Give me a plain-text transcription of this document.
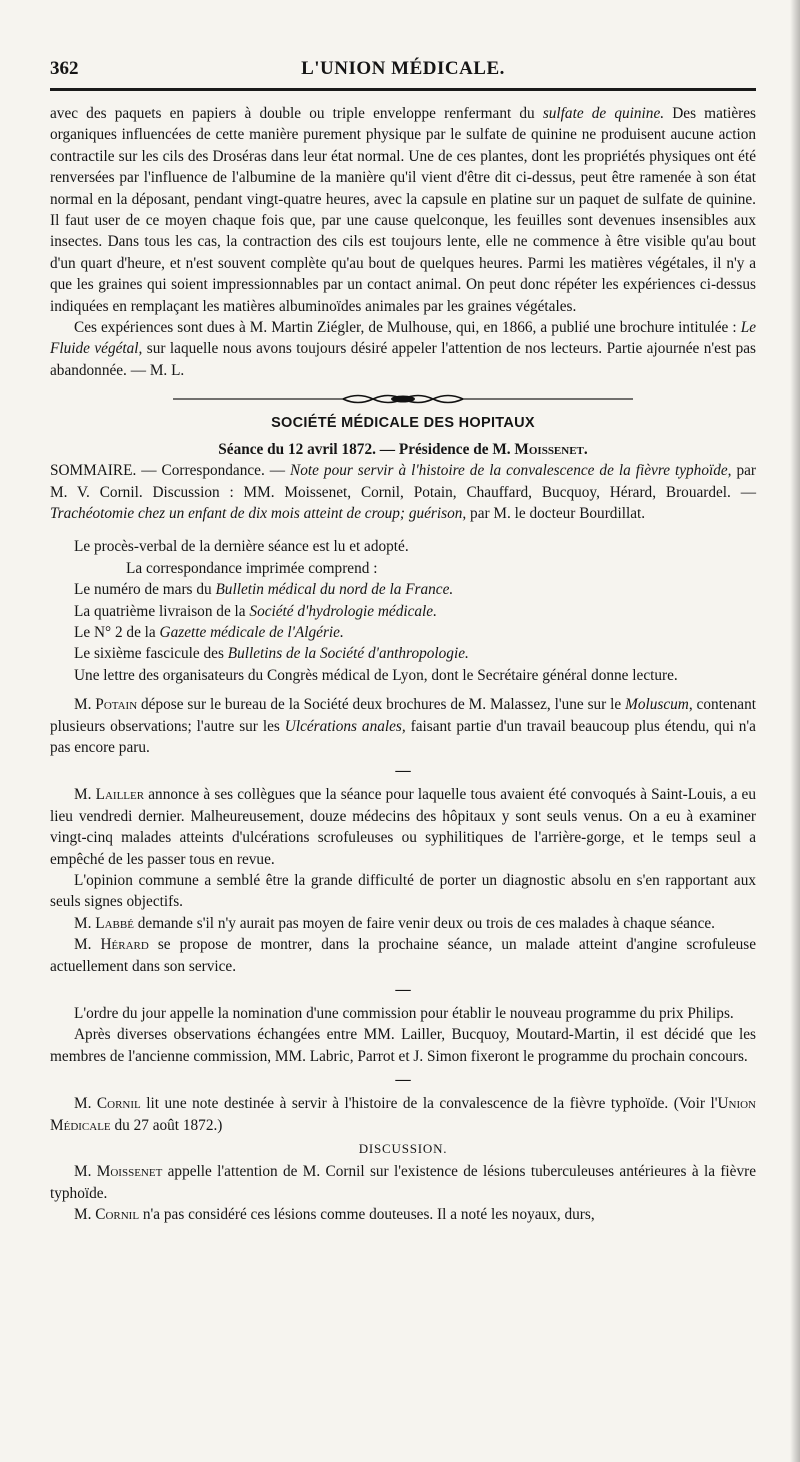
362	L'UNION MÉDICALE.

avec des paquets en papiers à double ou triple enveloppe renfermant du sulfate de quinine. Des matières organiques influencées de cette manière purement physique par le sulfate de quinine ne produisent aucune action contractile sur les cils des Droséras dans leur état normal. Une de ces plantes, dont les propriétés physiques ont été renversées par l'influence de l'albumine de la manière qu'il vient d'être dit ci-dessus, peut être ramenée à son état normal en la déposant, pendant vingt-quatre heures, avec la capsule en platine sur un paquet de sulfate de quinine. Il faut user de ce moyen chaque fois que, par une cause quelconque, les feuilles sont devenues insensibles aux insectes. Dans tous les cas, la contraction des cils est toujours lente, elle ne commence à être visible qu'au bout d'un quart d'heure, et n'est souvent complète qu'au bout de quelques heures. Parmi les matières végétales, il n'y a que les graines qui soient impressionnables par un contact animal. On peut donc répéter les expériences ci-dessus indiquées en remplaçant les matières albuminoïdes animales par les graines végétales.

Ces expériences sont dues à M. Martin Ziégler, de Mulhouse, qui, en 1866, a publié une brochure intitulée : Le Fluide végétal, sur laquelle nous avons toujours désiré appeler l'attention de nos lecteurs. Partie ajournée n'est pas abandonnée. — M. L.

SOCIÉTÉ MÉDICALE DES HOPITAUX
Séance du 12 avril 1872. — Présidence de M. Moissenet.

SOMMAIRE. — Correspondance. — Note pour servir à l'histoire de la convalescence de la fièvre typhoïde, par M. V. Cornil. Discussion : MM. Moissenet, Cornil, Potain, Chauffard, Bucquoy, Hérard, Brouardel. — Trachéotomie chez un enfant de dix mois atteint de croup; guérison, par M. le docteur Bourdillat.

Le procès-verbal de la dernière séance est lu et adopté.

La correspondance imprimée comprend :

Le numéro de mars du Bulletin médical du nord de la France.

La quatrième livraison de la Société d'hydrologie médicale.

Le N° 2 de la Gazette médicale de l'Algérie.

Le sixième fascicule des Bulletins de la Société d'anthropologie.

Une lettre des organisateurs du Congrès médical de Lyon, dont le Secrétaire général donne lecture.

M. Potain dépose sur le bureau de la Société deux brochures de M. Malassez, l'une sur le Moluscum, contenant plusieurs observations; l'autre sur les Ulcérations anales, faisant partie d'un travail beaucoup plus étendu, qui n'a pas encore paru.

—

M. Lailler annonce à ses collègues que la séance pour laquelle tous avaient été convoqués à Saint-Louis, a eu lieu vendredi dernier. Malheureusement, douze médecins des hôpitaux y sont seuls venus. On a eu à examiner vingt-cinq malades atteints d'ulcérations scrofuleuses ou syphilitiques de l'arrière-gorge, et le temps seul a empêché de les passer tous en revue.

L'opinion commune a semblé être la grande difficulté de porter un diagnostic absolu en s'en rapportant aux seuls signes objectifs.

M. Labbé demande s'il n'y aurait pas moyen de faire venir deux ou trois de ces malades à chaque séance.

M. Hérard se propose de montrer, dans la prochaine séance, un malade atteint d'angine scrofuleuse actuellement dans son service.

—

L'ordre du jour appelle la nomination d'une commission pour établir le nouveau programme du prix Philips.

Après diverses observations échangées entre MM. Lailler, Bucquoy, Moutard-Martin, il est décidé que les membres de l'ancienne commission, MM. Labric, Parrot et J. Simon fixeront le programme du prochain concours.

—

M. Cornil lit une note destinée à servir à l'histoire de la convalescence de la fièvre typhoïde. (Voir l'Union Médicale du 27 août 1872.)

DISCUSSION.

M. Moissenet appelle l'attention de M. Cornil sur l'existence de lésions tuberculeuses antérieures à la fièvre typhoïde.

M. Cornil n'a pas considéré ces lésions comme douteuses. Il a noté les noyaux, durs,
